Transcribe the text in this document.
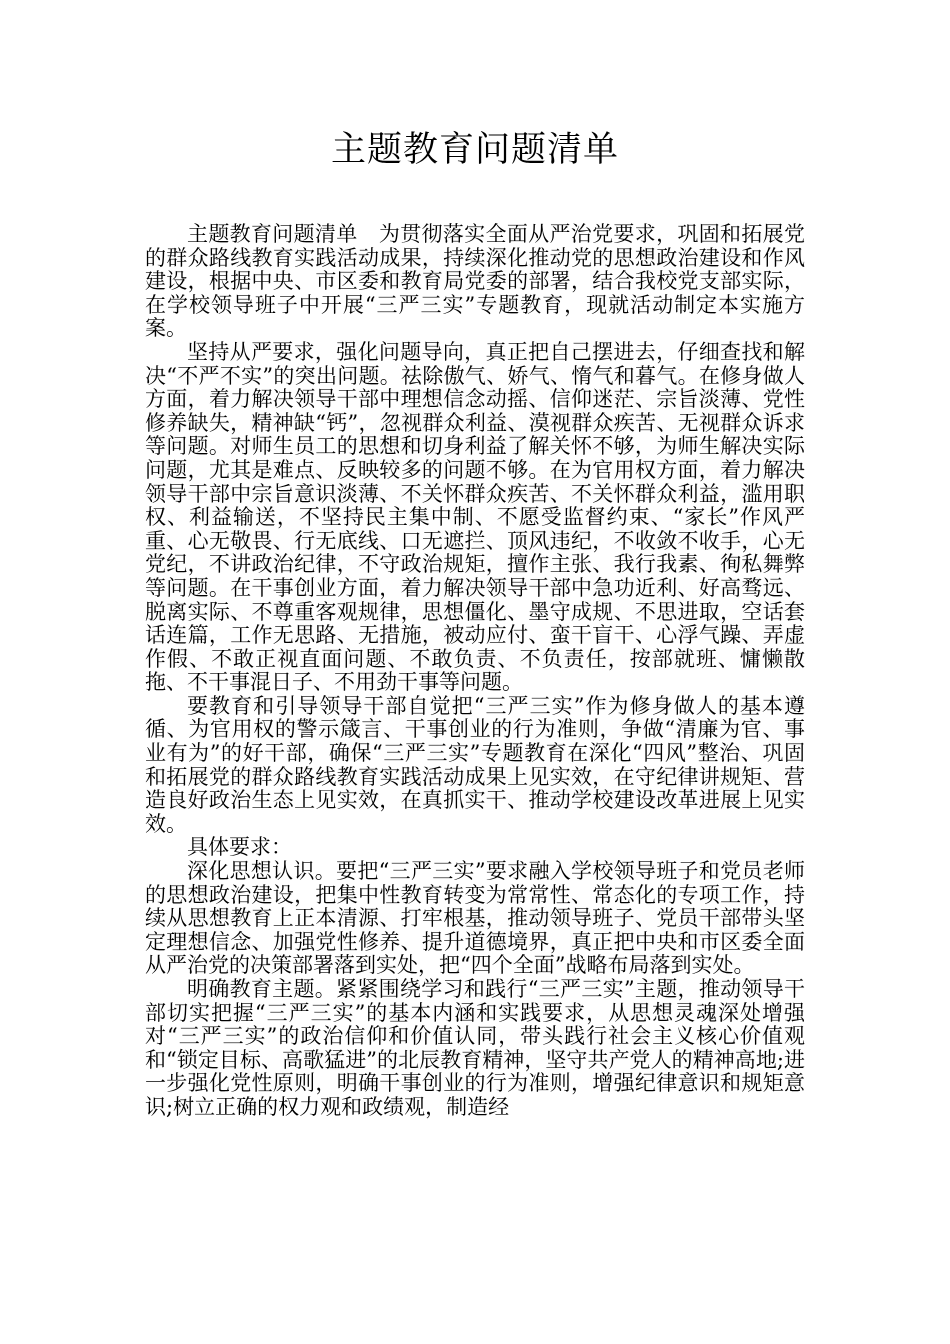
主题教育问题清单

主题教育问题清单　为贯彻落实全面从严治党要求，巩固和拓展党的群众路线教育实践活动成果，持续深化推动党的思想政治建设和作风建设，根据中央、市区委和教育局党委的部署，结合我校党支部实际，在学校领导班子中开展“三严三实”专题教育，现就活动制定本实施方案。

坚持从严要求，强化问题导向，真正把自己摆进去，仔细查找和解决“不严不实”的突出问题。祛除傲气、娇气、惰气和暮气。在修身做人方面，着力解决领导干部中理想信念动摇、信仰迷茫、宗旨淡薄、党性修养缺失，精神缺“钙”，忽视群众利益、漠视群众疾苦、无视群众诉求等问题。对师生员工的思想和切身利益了解关怀不够，为师生解决实际问题，尤其是难点、反映较多的问题不够。在为官用权方面，着力解决领导干部中宗旨意识淡薄、不关怀群众疾苦、不关怀群众利益，滥用职权、利益输送，不坚持民主集中制、不愿受监督约束、“家长”作风严重、心无敬畏、行无底线、口无遮拦、顶风违纪，不收敛不收手，心无党纪，不讲政治纪律，不守政治规矩，擅作主张、我行我素、徇私舞弊等问题。在干事创业方面，着力解决领导干部中急功近利、好高骛远、脱离实际、不尊重客观规律，思想僵化、墨守成规、不思进取，空话套话连篇，工作无思路、无措施，被动应付、蛮干盲干、心浮气躁、弄虚作假、不敢正视直面问题、不敢负责、不负责任，按部就班、慵懒散拖、不干事混日子、不用劲干事等问题。

要教育和引导领导干部自觉把“三严三实”作为修身做人的基本遵循、为官用权的警示箴言、干事创业的行为准则，争做“清廉为官、事业有为”的好干部，确保“三严三实”专题教育在深化“四风”整治、巩固和拓展党的群众路线教育实践活动成果上见实效，在守纪律讲规矩、营造良好政治生态上见实效，在真抓实干、推动学校建设改革进展上见实效。

具体要求：

深化思想认识。要把“三严三实”要求融入学校领导班子和党员老师的思想政治建设，把集中性教育转变为常常性、常态化的专项工作，持续从思想教育上正本清源、打牢根基，推动领导班子、党员干部带头坚定理想信念、加强党性修养、提升道德境界，真正把中央和市区委全面从严治党的决策部署落到实处，把“四个全面”战略布局落到实处。

明确教育主题。紧紧围绕学习和践行“三严三实”主题，推动领导干部切实把握“三严三实”的基本内涵和实践要求，从思想灵魂深处增强对“三严三实”的政治信仰和价值认同，带头践行社会主义核心价值观和“锁定目标、高歌猛进”的北辰教育精神，坚守共产党人的精神高地;进一步强化党性原则，明确干事创业的行为准则，增强纪律意识和规矩意识;树立正确的权力观和政绩观，制造经
